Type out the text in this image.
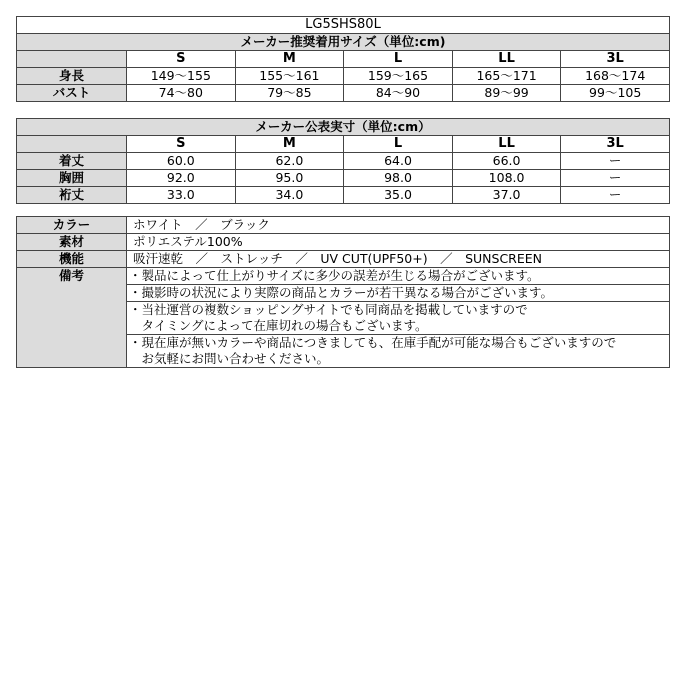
LG5SHS80L					
メーカー推奨着用サイズ（単位:cm)					
	S	M	L	LL	3L
身長	149～155	155～161	159～165	165～171	168～174
バスト	74～80	79～85	84～90	89～99	99～105
メーカー公表実寸（単位:cm）					
	S	M	L	LL	3L
着丈	60.0	62.0	64.0	66.0	ー
胸囲	92.0	95.0	98.0	108.0	ー
裄丈	33.0	34.0	35.0	37.0	ー
カラー	ホワイト　／　ブラック
素材	ポリエステル100%
機能	吸汗速乾　／　ストレッチ　／　UV CUT(UPF50+)　／　SUNSCREEN
備考	・製品によって仕上がりサイズに多少の誤差が生じる場合がございます。
	・撮影時の状況により実際の商品とカラーが若干異なる場合がございます。
	・当社運営の複数ショッピングサイトでも同商品を掲載していますので
	　タイミングによって在庫切れの場合もございます。
	・現在庫が無いカラーや商品につきましても、在庫手配が可能な場合もございますので
	　お気軽にお問い合わせください。
